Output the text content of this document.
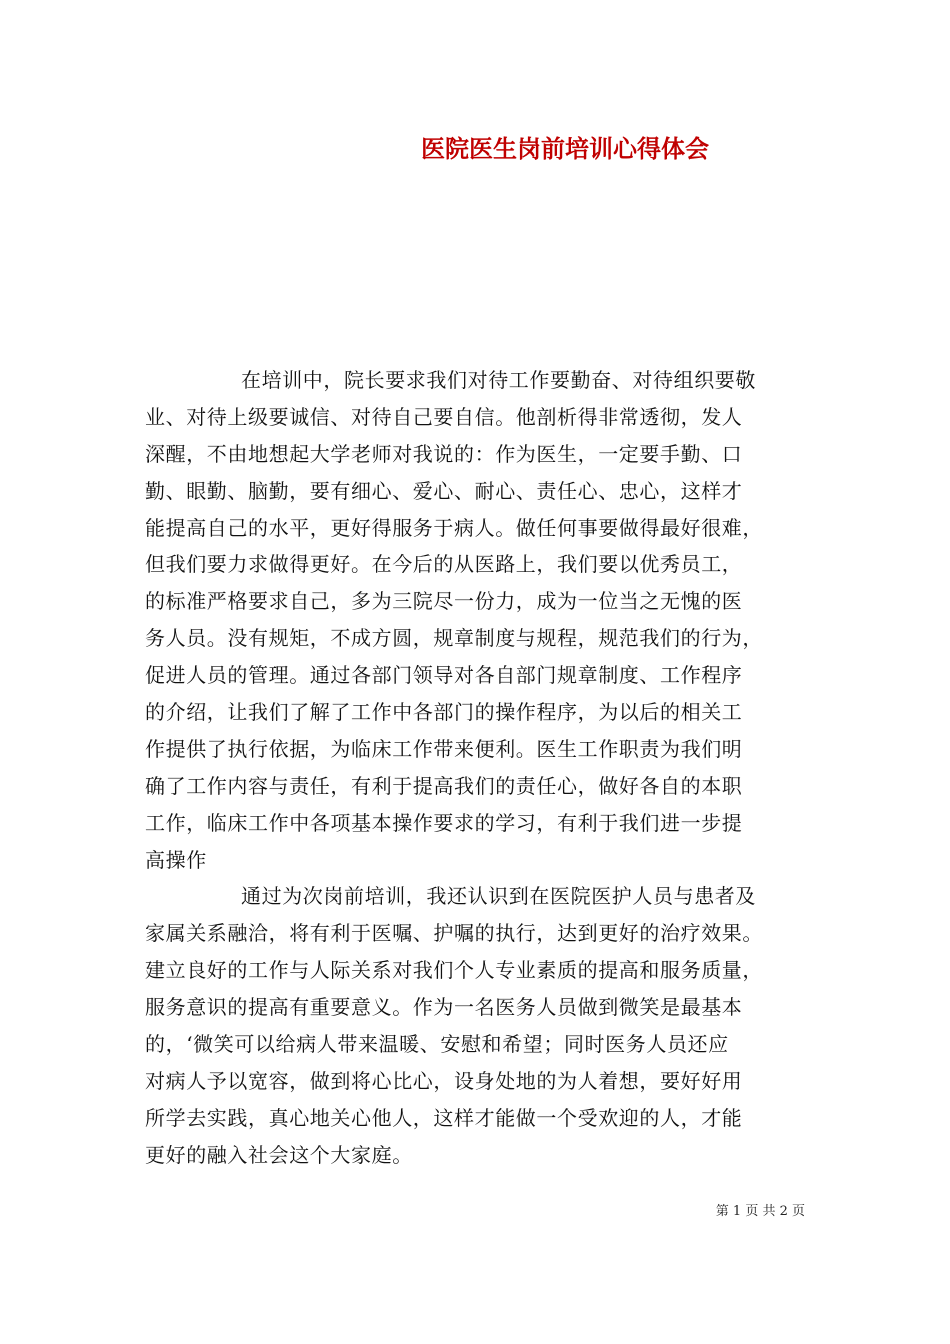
医院医生岗前培训心得体会
在培训中，院长要求我们对待工作要勤奋、对待组织要敬
业、对待上级要诚信、对待自己要自信。他剖析得非常透彻，发人
深醒，不由地想起大学老师对我说的：作为医生，一定要手勤、口
勤、眼勤、脑勤，要有细心、爱心、耐心、责任心、忠心，这样才
能提高自己的水平，更好得服务于病人。做任何事要做得最好很难，
但我们要力求做得更好。在今后的从医路上，我们要以优秀员工，
的标准严格要求自己，多为三院尽一份力，成为一位当之无愧的医
务人员。没有规矩，不成方圆，规章制度与规程，规范我们的行为，
促进人员的管理。通过各部门领导对各自部门规章制度、工作程序
的介绍，让我们了解了工作中各部门的操作程序，为以后的相关工
作提供了执行依据，为临床工作带来便利。医生工作职责为我们明
确了工作内容与责任，有利于提高我们的责任心，做好各自的本职
工作，临床工作中各项基本操作要求的学习，有利于我们进一步提
高操作
通过为次岗前培训，我还认识到在医院医护人员与患者及
家属关系融洽，将有利于医嘱、护嘱的执行，达到更好的治疗效果。
建立良好的工作与人际关系对我们个人专业素质的提高和服务质量，
服务意识的提高有重要意义。作为一名医务人员做到微笑是最基本
的，‘微笑可以给病人带来温暖、安慰和希望；同时医务人员还应
对病人予以宽容，做到将心比心，设身处地的为人着想，要好好用
所学去实践，真心地关心他人，这样才能做一个受欢迎的人，才能
更好的融入社会这个大家庭。
第 1 页 共 2 页
